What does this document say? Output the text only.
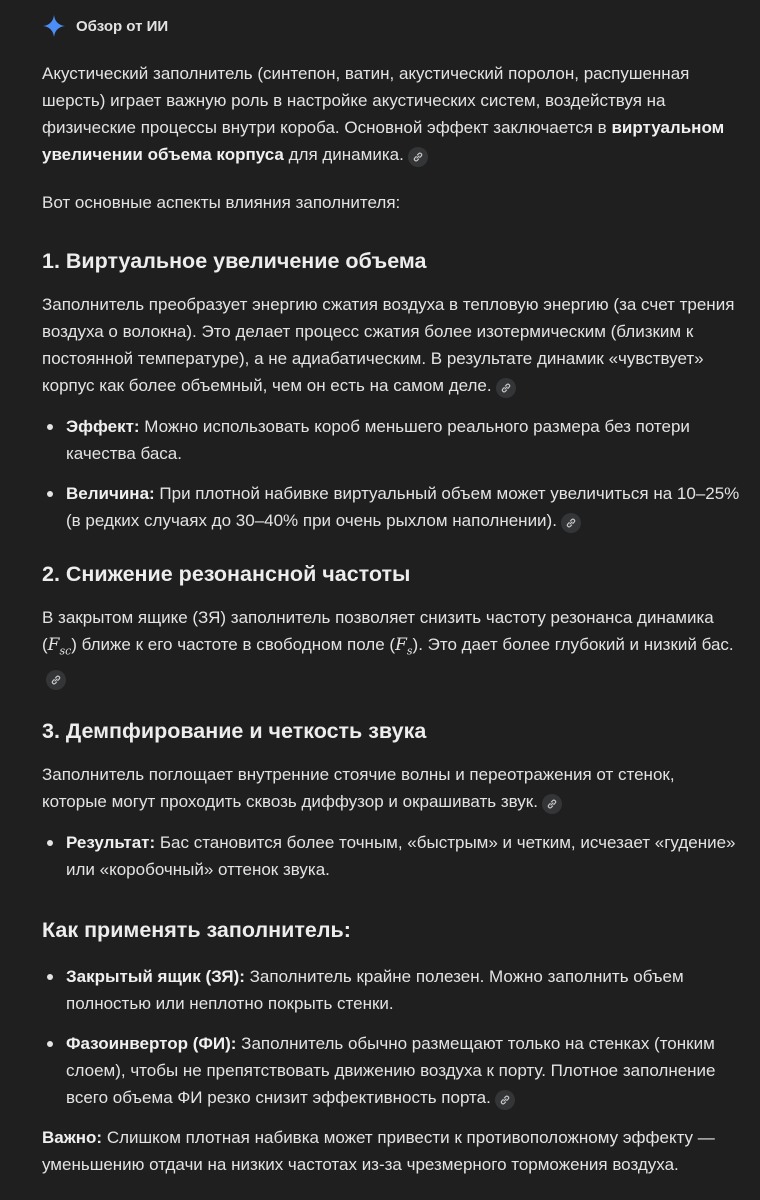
Обзор от ИИ

Акустический заполнитель (синтепон, ватин, акустический поролон, распушенная шерсть) играет важную роль в настройке акустических систем, воздействуя на физические процессы внутри короба. Основной эффект заключается в виртуальном увеличении объема корпуса для динамика.

Вот основные аспекты влияния заполнителя:

1. Виртуальное увеличение объема

Заполнитель преобразует энергию сжатия воздуха в тепловую энергию (за счет трения воздуха о волокна). Это делает процесс сжатия более изотермическим (близким к постоянной температуре), а не адиабатическим. В результате динамик «чувствует» корпус как более объемный, чем он есть на самом деле.

Эффект: Можно использовать короб меньшего реального размера без потери качества баса.
Величина: При плотной набивке виртуальный объем может увеличиться на 10–25% (в редких случаях до 30–40% при очень рыхлом наполнении).
2. Снижение резонансной частоты

В закрытом ящике (ЗЯ) заполнитель позволяет снизить частоту резонанса динамика $(F_{sc})$ ближе к его частоте в свободном поле $(F_s)$. Это дает более глубокий и низкий бас.

3. Демпфирование и четкость звука

Заполнитель поглощает внутренние стоячие волны и переотражения от стенок, которые могут проходить сквозь диффузор и окрашивать звук.

Результат: Бас становится более точным, «быстрым» и четким, исчезает «гудение» или «коробочный» оттенок звука.
Как применять заполнитель:
Закрытый ящик (ЗЯ): Заполнитель крайне полезен. Можно заполнить объем полностью или неплотно покрыть стенки.
Фазоинвертор (ФИ): Заполнитель обычно размещают только на стенках (тонким слоем), чтобы не препятствовать движению воздуха к порту. Плотное заполнение всего объема ФИ резко снизит эффективность порта.

Важно: Слишком плотная набивка может привести к противоположному эффекту — уменьшению отдачи на низких частотах из-за чрезмерного торможения воздуха.
